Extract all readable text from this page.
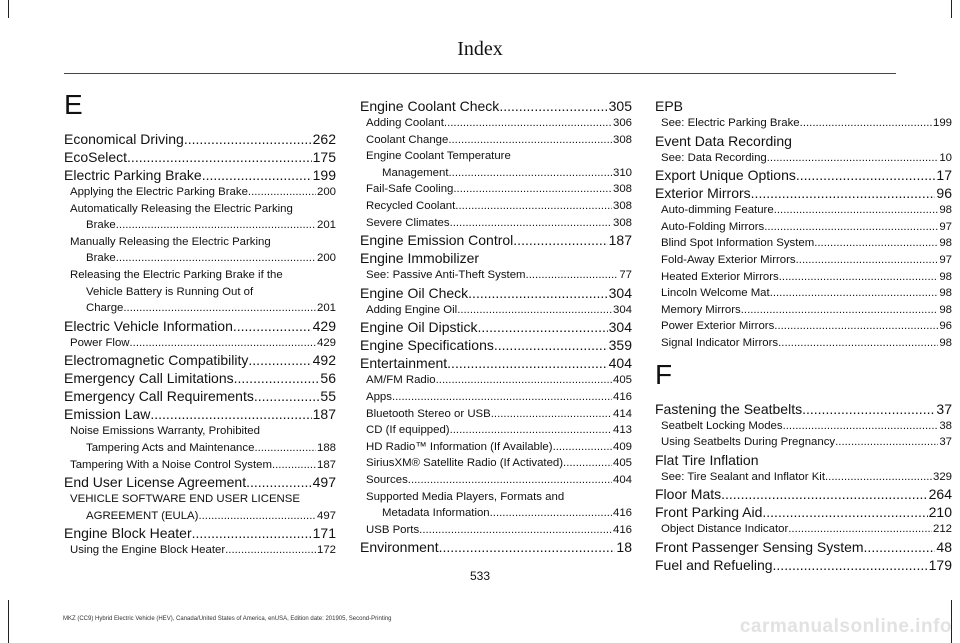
Index
E
Economical Driving .....	262
EcoSelect .....	175
Electric Parking Brake .....	199
Applying the Electric Parking Brake .....	200
Automatically Releasing the Electric Parking
Brake .....	201
Manually Releasing the Electric Parking
Brake .....	200
Releasing the Electric Parking Brake if the
Vehicle Battery is Running Out of
Charge .....	201
Electric Vehicle Information .....	429
Power Flow .....	429
Electromagnetic Compatibility .....	492
Emergency Call Limitations .....	56
Emergency Call Requirements .....	55
Emission Law .....	187
Noise Emissions Warranty, Prohibited
Tampering Acts and Maintenance .....	188
Tampering With a Noise Control System .....	187
End User License Agreement .....	497
VEHICLE SOFTWARE END USER LICENSE
AGREEMENT (EULA) .....	497
Engine Block Heater .....	171
Using the Engine Block Heater .....	172
Engine Coolant Check .....	305
Adding Coolant .....	306
Coolant Change .....	308
Engine Coolant Temperature
Management .....	310
Fail-Safe Cooling .....	308
Recycled Coolant .....	308
Severe Climates .....	308
Engine Emission Control .....	187
Engine Immobilizer
See: Passive Anti-Theft System .....	77
Engine Oil Check .....	304
Adding Engine Oil .....	304
Engine Oil Dipstick .....	304
Engine Specifications .....	359
Entertainment .....	404
AM/FM Radio .....	405
Apps .....	416
Bluetooth Stereo or USB .....	414
CD (If equipped) .....	413
HD Radio™ Information (If Available) .....	409
SiriusXM® Satellite Radio (If Activated) .....	405
Sources .....	404
Supported Media Players, Formats and
Metadata Information .....	416
USB Ports .....	416
Environment .....	18
EPB
See: Electric Parking Brake .....	199
Event Data Recording
See: Data Recording .....	10
Export Unique Options .....	17
Exterior Mirrors .....	96
Auto-dimming Feature .....	98
Auto-Folding Mirrors .....	97
Blind Spot Information System .....	98
Fold-Away Exterior Mirrors .....	97
Heated Exterior Mirrors .....	98
Lincoln Welcome Mat .....	98
Memory Mirrors .....	98
Power Exterior Mirrors .....	96
Signal Indicator Mirrors .....	98
F
Fastening the Seatbelts .....	37
Seatbelt Locking Modes .....	38
Using Seatbelts During Pregnancy .....	37
Flat Tire Inflation
See: Tire Sealant and Inflator Kit .....	329
Floor Mats .....	264
Front Parking Aid .....	210
Object Distance Indicator .....	212
Front Passenger Sensing System .....	48
Fuel and Refueling .....	179
533
MKZ (CC9) Hybrid Electric Vehicle (HEV), Canada/United States of America, enUSA, Edition date: 201905, Second-Printing	carmanualsonline.info
